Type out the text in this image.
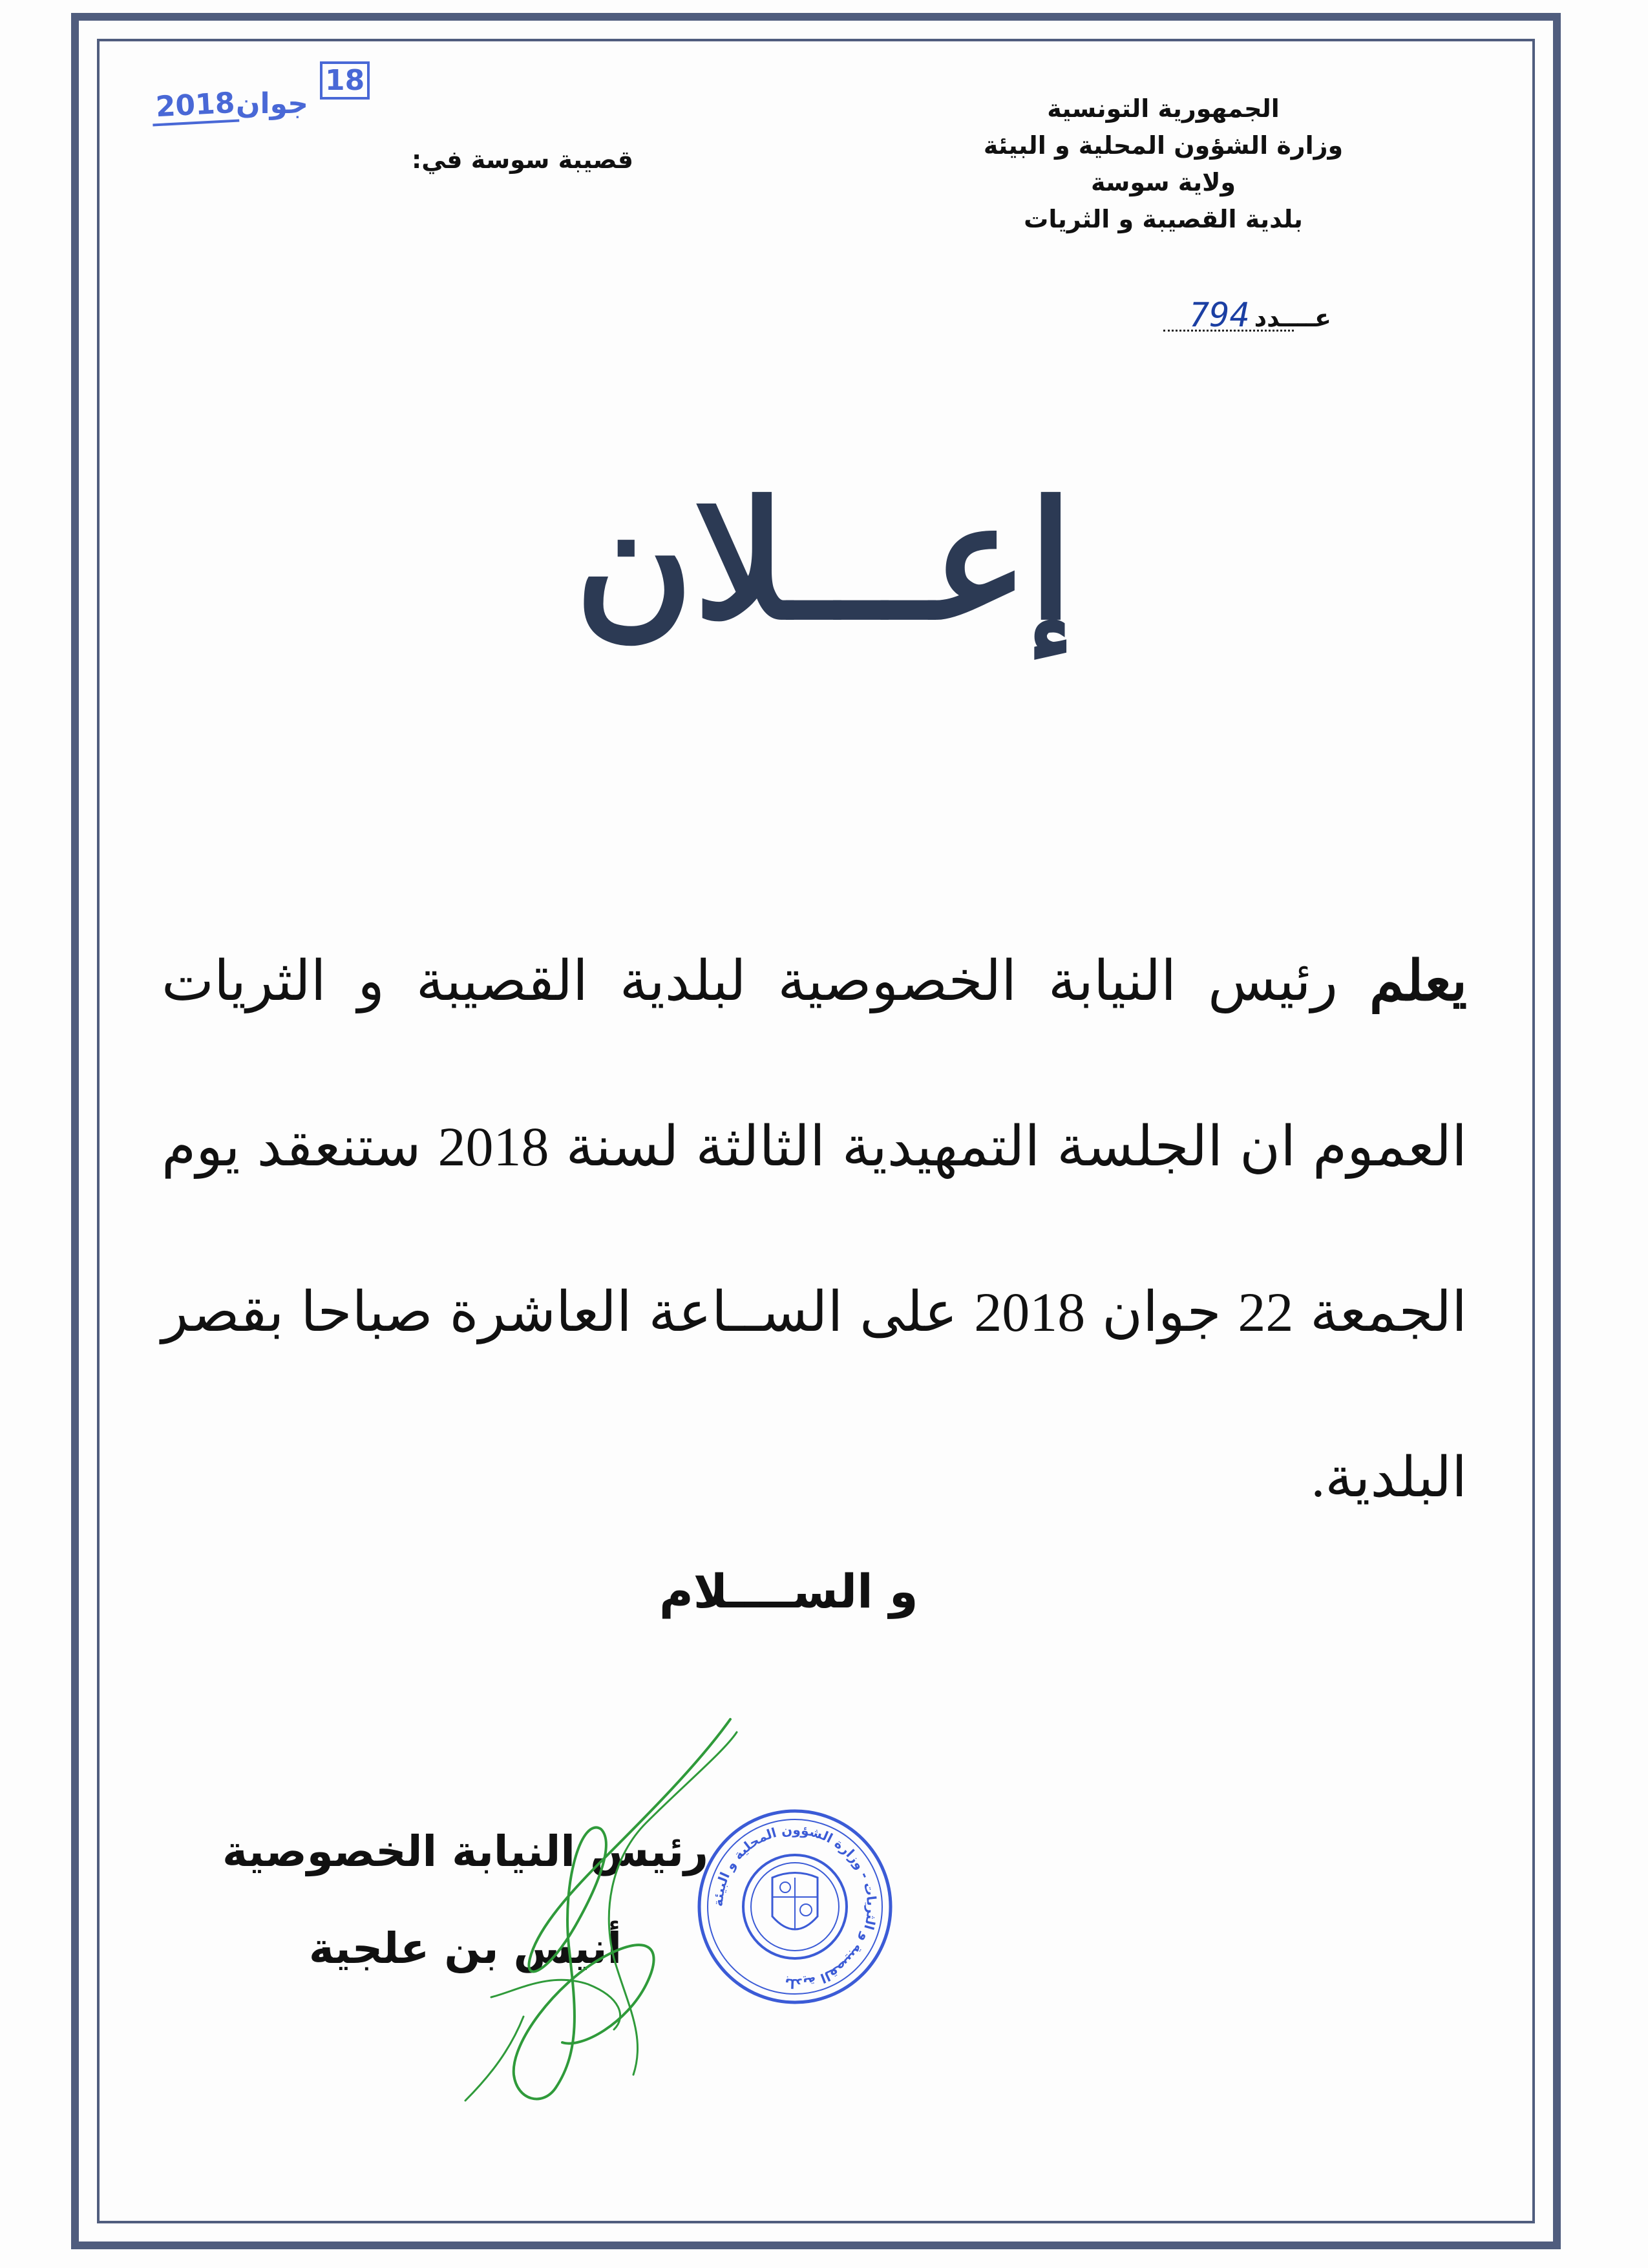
الجمهورية التونسية
وزارة الشؤون المحلية و البيئة
ولاية سوسة
بلدية القصيبة و الثريات
عــــدد
794
قصيبة سوسة في:
2018 جوان
18
إعـــلان

يعلم رئيس النيابة الخصوصية لبلدية القصيبة و الثريات العموم ان الجلسة التمهيدية الثالثة لسنة 2018 ستنعقد يوم الجمعة 22 جوان 2018 على الســاعة العاشرة صباحا بقصر البلدية.

و الســــلام
رئيس النيابة الخصوصية
أنيس بن علجية
بلدية القصيبة و الثريات - وزارة الشؤون المحلية و البيئة
